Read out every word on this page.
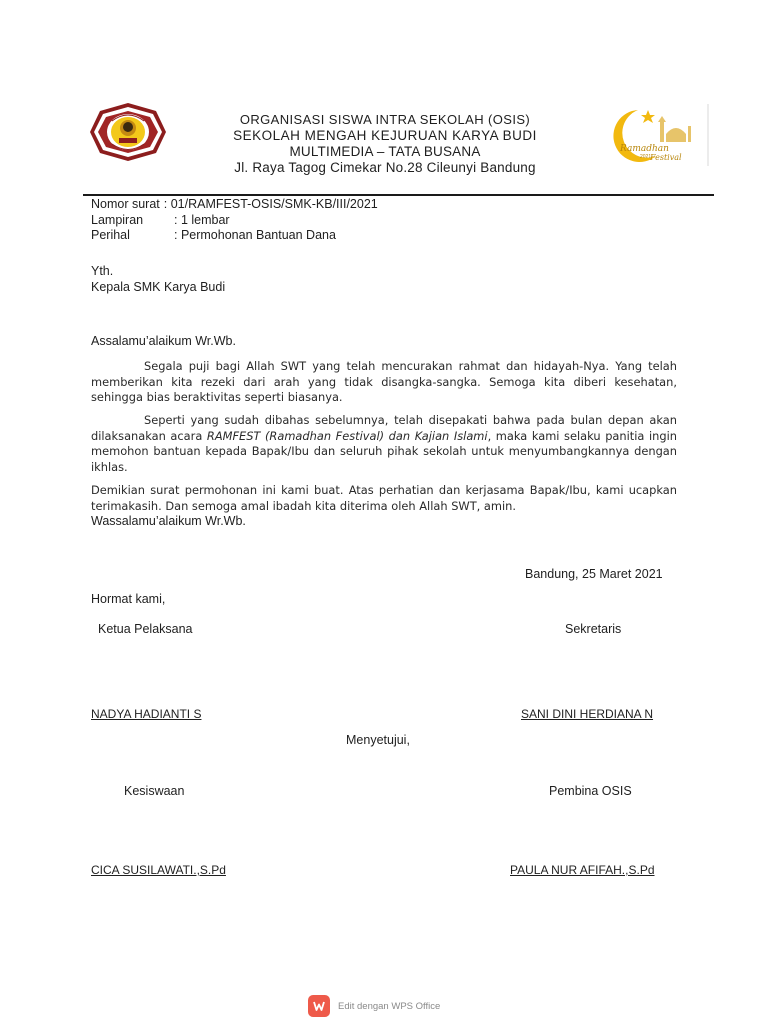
ORGANISASI SISWA INTRA SEKOLAH (OSIS)
SEKOLAH MENGAH KEJURUAN KARYA BUDI
MULTIMEDIA – TATA BUSANA
Jl. Raya Tagog Cimekar No.28 Cileunyi Bandung
Ramadhan
2021
Festival
Nomor surat : 01/RAMFEST-OSIS/SMK-KB/III/2021
Lampiran	: 1 lembar
Perihal	: Permohonan Bantuan Dana
Yth.
Kepala SMK Karya Budi
Assalamu’alaikum Wr.Wb.
Segala puji bagi Allah SWT yang telah mencurakan rahmat dan hidayah-Nya. Yang telah memberikan kita rezeki dari arah yang tidak disangka-sangka. Semoga kita diberi kesehatan, sehingga bias beraktivitas seperti biasanya.
Seperti yang sudah dibahas sebelumnya, telah disepakati bahwa pada bulan depan akan dilaksanakan acara RAMFEST (Ramadhan Festival) dan Kajian Islami, maka kami selaku panitia ingin memohon bantuan kepada Bapak/Ibu dan seluruh pihak sekolah untuk menyumbangkannya dengan ikhlas.
Demikian surat permohonan ini kami buat. Atas perhatian dan kerjasama Bapak/Ibu, kami ucapkan terimakasih. Dan semoga amal ibadah kita diterima oleh Allah SWT, amin.
Wassalamu’alaikum Wr.Wb.
Bandung, 25 Maret 2021
Hormat kami,
Ketua Pelaksana	Sekretaris
NADYA HADIANTI S	SANI DINI HERDIANA N
Menyetujui,
Kesiswaan	Pembina OSIS
CICA SUSILAWATI.,S.Pd	PAULA NUR AFIFAH.,S.Pd
Edit dengan WPS Office
